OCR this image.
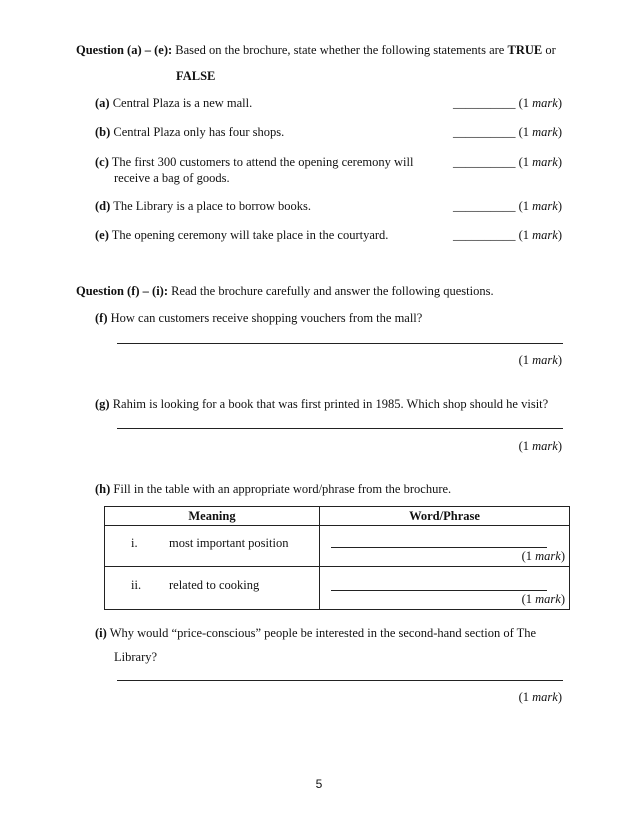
Question (a) – (e): Based on the brochure, state whether the following statements are TRUE or
FALSE
(a) Central Plaza is a new mall.	__________ (1 mark)
(b) Central Plaza only has four shops.	__________ (1 mark)
(c) The first 300 customers to attend the opening ceremony will
receive a bag of goods.
__________ (1 mark)
(d) The Library is a place to borrow books.	__________ (1 mark)
(e) The opening ceremony will take place in the courtyard.	__________ (1 mark)
Question (f) – (i): Read the brochure carefully and answer the following questions.
(f) How can customers receive shopping vouchers from the mall?
(1 mark)
(g) Rahim is looking for a book that was first printed in 1985. Which shop should he visit?
(1 mark)
(h) Fill in the table with an appropriate word/phrase from the brochure.
Meaning	Word/Phrase
i.	most important position
(1 mark)
ii. related to cooking
(1 mark)
(i) Why would “price-conscious” people be interested in the second-hand section of The
Library?
(1 mark)
5
